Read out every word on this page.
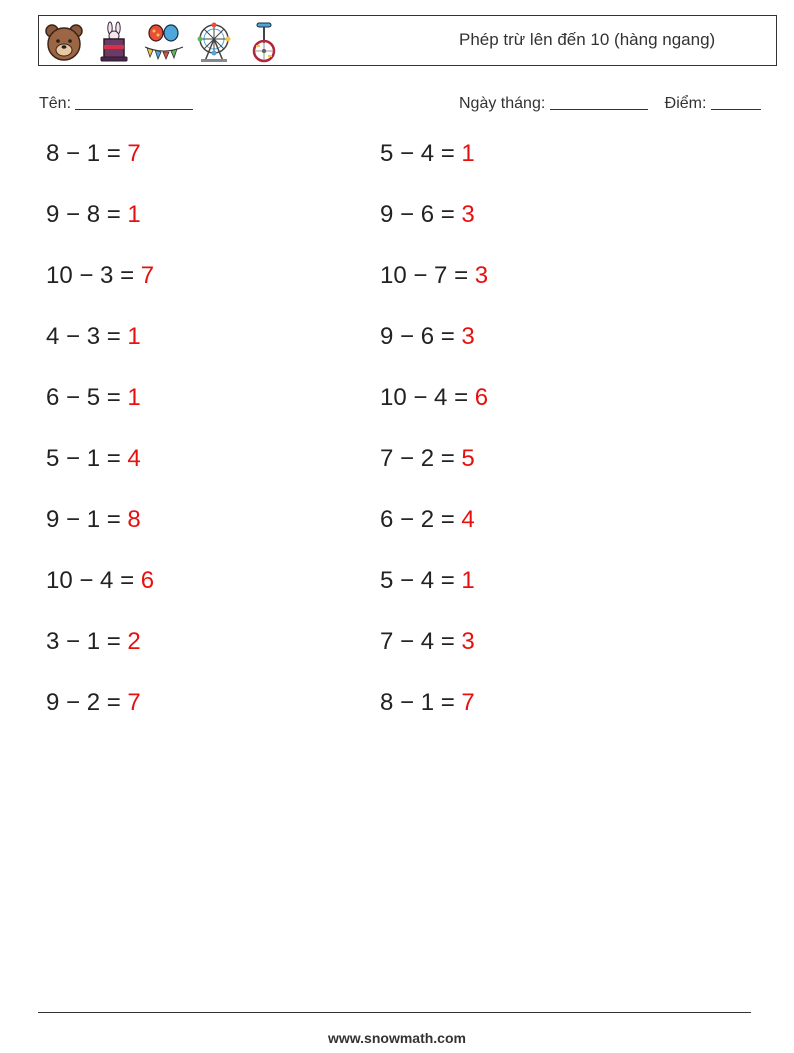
Phép trừ lên đến 10 (hàng ngang)
Tên:	Ngày tháng:	Điểm:
8 − 1 = 7	5 − 4 = 1
9 − 8 = 1	9 − 6 = 3
10 − 3 = 7	10 − 7 = 3
4 − 3 = 1	9 − 6 = 3
6 − 5 = 1	10 − 4 = 6
5 − 1 = 4	7 − 2 = 5
9 − 1 = 8	6 − 2 = 4
10 − 4 = 6	5 − 4 = 1
3 − 1 = 2	7 − 4 = 3
9 − 2 = 7	8 − 1 = 7
www.snowmath.com
